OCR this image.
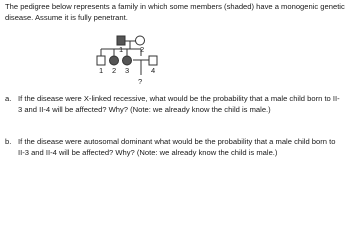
The pedigree below represents a family in which some members (shaded) have a monogenic genetic disease. Assume it is fully penetrant.

1 2
1 2 3	4
?
a. If the disease were X-linked recessive, what would be the probability that a male child born to II-3 and II-4 will be affected? Why? (Note: we already know the child is male.)
b. If the disease were autosomal dominant what would be the probability that a male child born to II-3 and II-4 will be affected? Why? (Note: we already know the child is male.)
